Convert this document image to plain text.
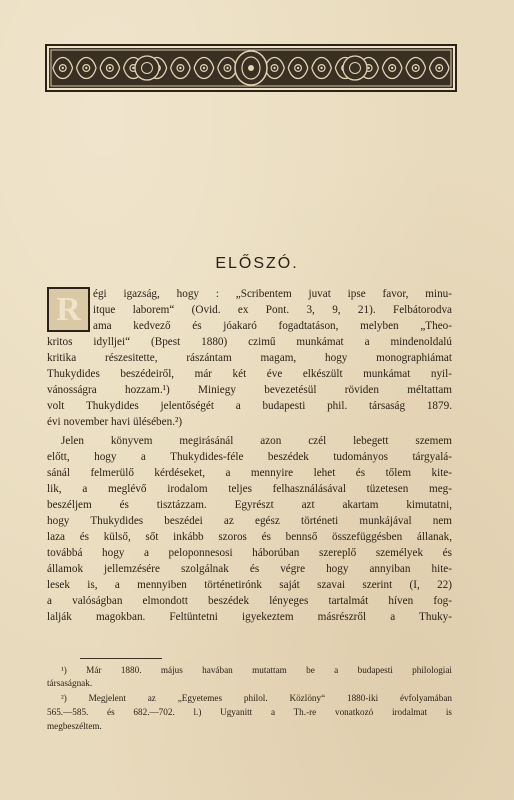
ELŐSZÓ.
R	égi igazság, hogy : „Scribentem juvat ipse favor, minu-
itque laborem“ (Ovid. ex Pont. 3, 9, 21). Felbátorodva
ama kedvező és jóakaró fogadtatáson, melyben „Theo-
kritos idylljei“ (Bpest 1880) czimű munkámat a mindenoldalú
kritika részesitette, rászántam magam, hogy monographiámat
Thukydides beszédeiről, már két éve elkészült munkámat nyil-
vánosságra hozzam.¹) Miniegy bevezetésül röviden méltattam
volt Thukydides jelentőségét a budapesti phil. társaság 1879.
évi november havi ülésében.²)
Jelen könyvem megirásánál azon czél lebegett szemem
előtt, hogy a Thukydides-féle beszédek tudományos tárgyalá-
sánál felmerülő kérdéseket, a mennyire lehet és tőlem kite-
lik, a meglévő irodalom teljes felhasználásával tüzetesen meg-
beszéljem és tisztázzam. Egyrészt azt akartam kimutatni,
hogy Thukydides beszédei az egész történeti munkájával nem
laza és külső, sőt inkább szoros és bennső összefüggésben állanak,
továbbá hogy a peloponnesosi háborúban szereplő személyek és
államok jellemzésére szolgálnak és végre hogy annyiban hite-
lesek is, a mennyiben történetirónk saját szavai szerint (I, 22)
a valóságban elmondott beszédek lényeges tartalmát híven fog-
lalják magokban. Feltüntetni igyekeztem másrészről a Thuky-
¹) Már 1880. május havában mutattam be a budapesti philologiai
társaságnak.
²) Megjelent az „Egyetemes philol. Közlöny“ 1880-iki évfolyamában
565.—585. és 682.—702. l.) Ugyanitt a Th.-re vonatkozó irodalmat is
megbeszéltem.
